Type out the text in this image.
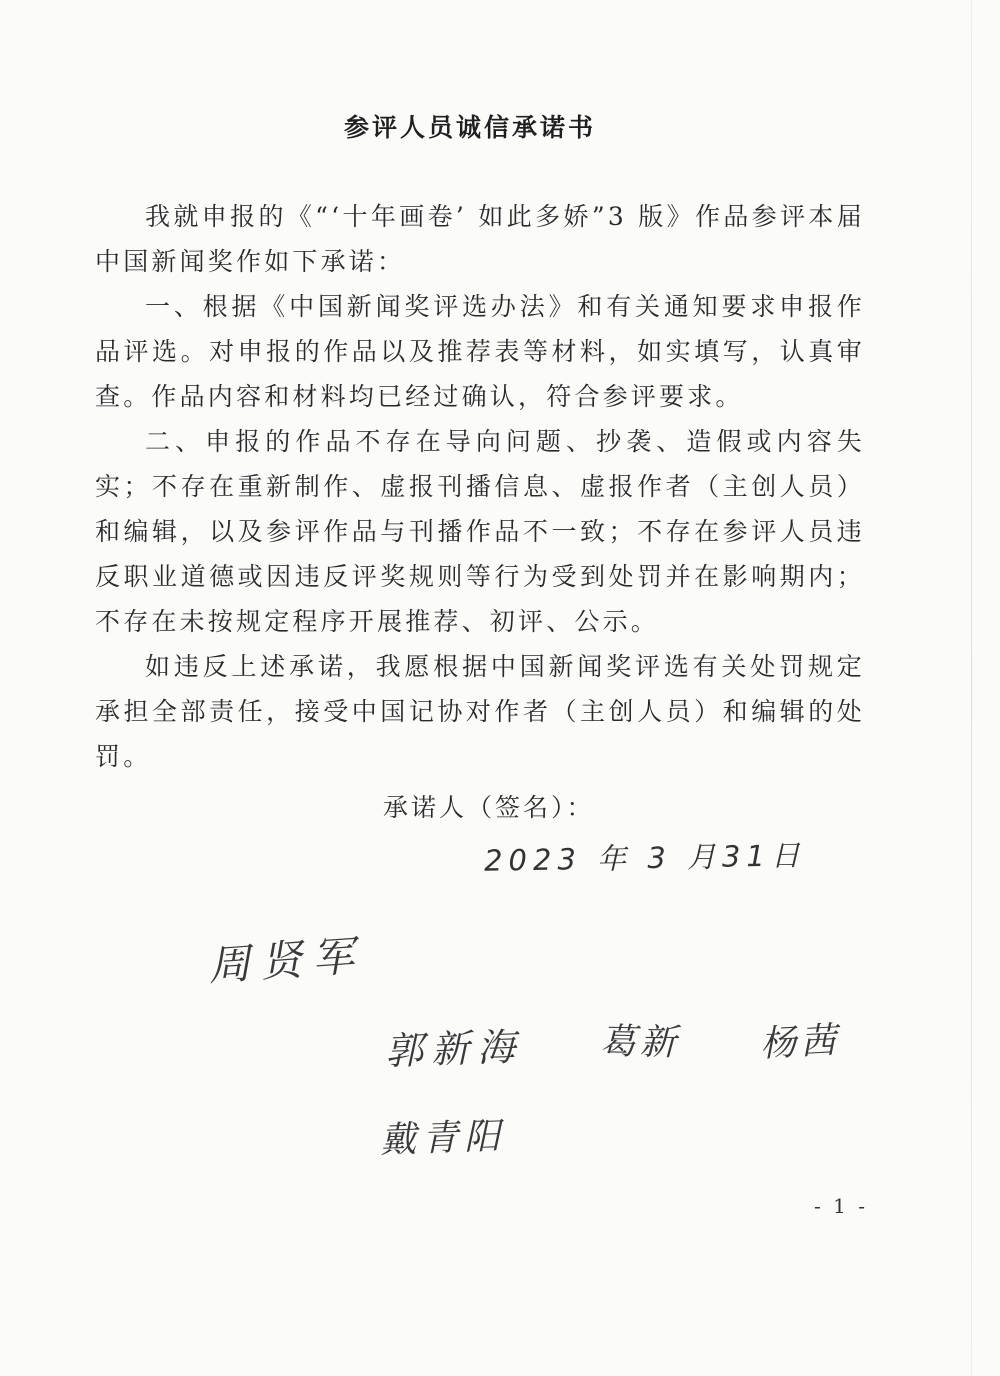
参评人员诚信承诺书

我就申报的《“‘十年画卷’ 如此多娇”3 版》作品参评本届中国新闻奖作如下承诺：

一、根据《中国新闻奖评选办法》和有关通知要求申报作品评选。对申报的作品以及推荐表等材料，如实填写，认真审查。作品内容和材料均已经过确认，符合参评要求。

二、申报的作品不存在导向问题、抄袭、造假或内容失实；不存在重新制作、虚报刊播信息、虚报作者（主创人员）和编辑，以及参评作品与刊播作品不一致；不存在参评人员违反职业道德或因违反评奖规则等行为受到处罚并在影响期内；不存在未按规定程序开展推荐、初评、公示。

如违反上述承诺，我愿根据中国新闻奖评选有关处罚规定承担全部责任，接受中国记协对作者（主创人员）和编辑的处罚。

承诺人（签名）：
2023 年 3 月31日
周贤军
郭新海 葛新 杨茜
戴青阳
- 1 -
